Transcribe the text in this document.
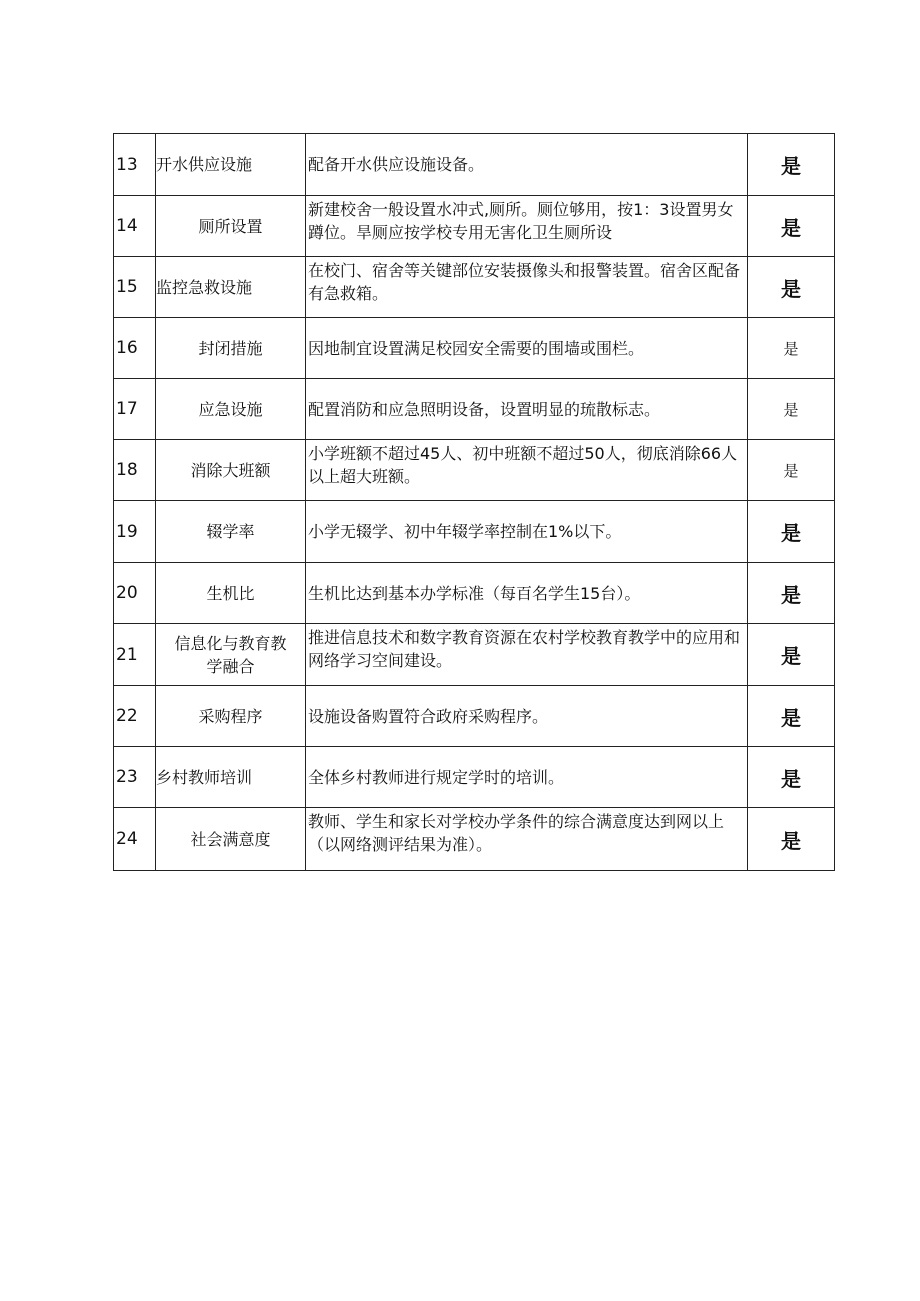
13	开水供应设施	配备开水供应设施设备。	是
14	厕所设置	新建校舍一般设置水冲式,厕所。厕位够用，按1：3设置男女蹲位。旱厕应按学校专用无害化卫生厕所设	是
15	监控急救设施	在校门、宿舍等关键部位安装摄像头和报警装置。宿舍区配备有急救箱。	是
16	封闭措施	因地制宜设置满足校园安全需要的围墙或围栏。	是
17	应急设施	配置消防和应急照明设备，设置明显的琉散标志。	是
18	消除大班额	小学班额不超过45人、初中班额不超过50人，彻底消除66人以上超大班额。	是
19	辍学率	小学无辍学、初中年辍学率控制在1%以下。	是
20	生机比	生机比达到基本办学标准（每百名学生15台）。	是
21	信息化与教育教学融合	推进信息技术和数字教育资源在农村学校教育教学中的应用和网络学习空间建设。	是
22	采购程序	设施设备购置符合政府采购程序。	是
23	乡村教师培训	全体乡村教师进行规定学时的培训。	是
24	社会满意度	教师、学生和家长对学校办学条件的综合满意度达到网以上（以网络测评结果为准）。	是
